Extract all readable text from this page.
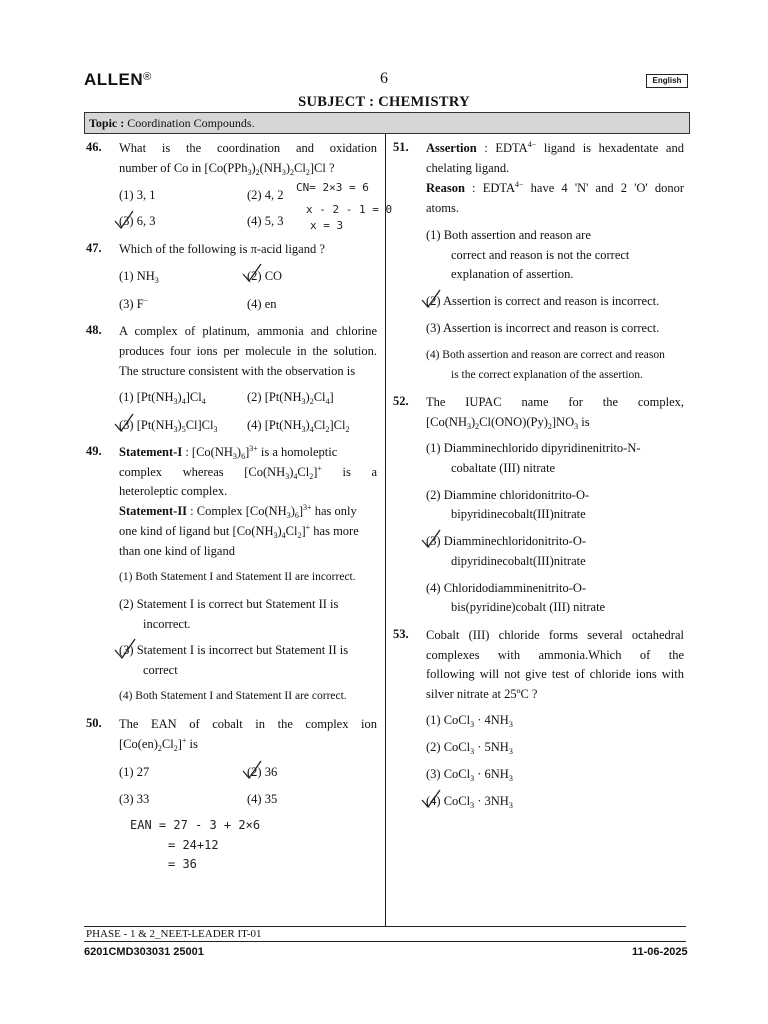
ALLEN®	6	English
SUBJECT : CHEMISTRY
Topic : Coordination Compounds.
46. What is the coordination and oxidation
number of Co in $[Co(PPh_3)_2(NH_3)_2Cl_2]Cl$ ?
(1) 3, 1	(2) 4, 2
(3) 6, 3	(4) 5, 3
CN= 2×3 = 6
x - 2 - 1 = 0
x = 3
47. Which of the following is π-acid ligand ?
(1) $NH_3$	(2) CO
(3) F−	(4) en
48. A complex of platinum, ammonia and chlorine
produces four ions per molecule in the solution.
The structure consistent with the observation is
(1) $[Pt(NH_3)_4]Cl_4$	(2) $[Pt(NH_3)_2Cl_4]$
(3) $[Pt(NH_3)_5Cl]Cl_3$ (4) $[Pt(NH_3)_4Cl_2]Cl_2$
49. Statement-I : $[Co(NH_3)_6]^{3+}$ is a homoleptic
complex whereas $[Co(NH_3)_4Cl_2]^+$ is a
heteroleptic complex.
Statement-II : Complex $[Co(NH_3)_6]^{3+}$ has only
one kind of ligand but $[Co(NH_3)_4Cl_2]^+$ has more
than one kind of ligand
(1) Both Statement I and Statement II are incorrect.
(2) Statement I is correct but Statement II is
incorrect.
(3) Statement I is incorrect but Statement II is
correct
(4) Both Statement I and Statement II are correct.
50. The EAN of cobalt in the complex ion
$[Co(en)_2Cl_2]^+$ is
(1) 27	(2) 36
(3) 33	(4) 35
EAN = 27 - 3 + 2×6
= 24+12
= 36
51. Assertion : $EDTA^{4-}$ ligand is hexadentate and
chelating ligand.
Reason : $EDTA^{4-}$ have 4 'N' and 2 'O' donor
atoms.
(1) Both assertion and reason are
correct and reason is not the correct
explanation of assertion.
(2) Assertion is correct and reason is incorrect.
(3) Assertion is incorrect and reason is correct.
(4) Both assertion and reason are correct and reason
is the correct explanation of the assertion.
52. The IUPAC name for the complex,
$[Co(NH_3)_2Cl(ONO)(Py)_2]NO_3$ is
(1) Diamminechlorido dipyridinenitrito-N-
cobaltate (III) nitrate
(2) Diammine chloridonitrito-O-
bipyridinecobalt(III)nitrate
(3) Diamminechloridonitrito-O-
dipyridinecobalt(III)nitrate
(4) Chloridodiamminenitrito-O-
bis(pyridine)cobalt (III) nitrate
53. Cobalt (III) chloride forms several octahedral
complexes with ammonia.Which of the
following will not give test of chloride ions with
silver nitrate at 25ºC ?
(1) CoCl$_3$ · $4NH_3$
(2) CoCl$_3$ · $5NH_3$
(3) CoCl$_3$ · $6NH_3$
(4) CoCl$_3$ · $3NH_3$
PHASE - 1 & 2_NEET-LEADER IT-01
6201CMD303031 25001	11-06-2025
